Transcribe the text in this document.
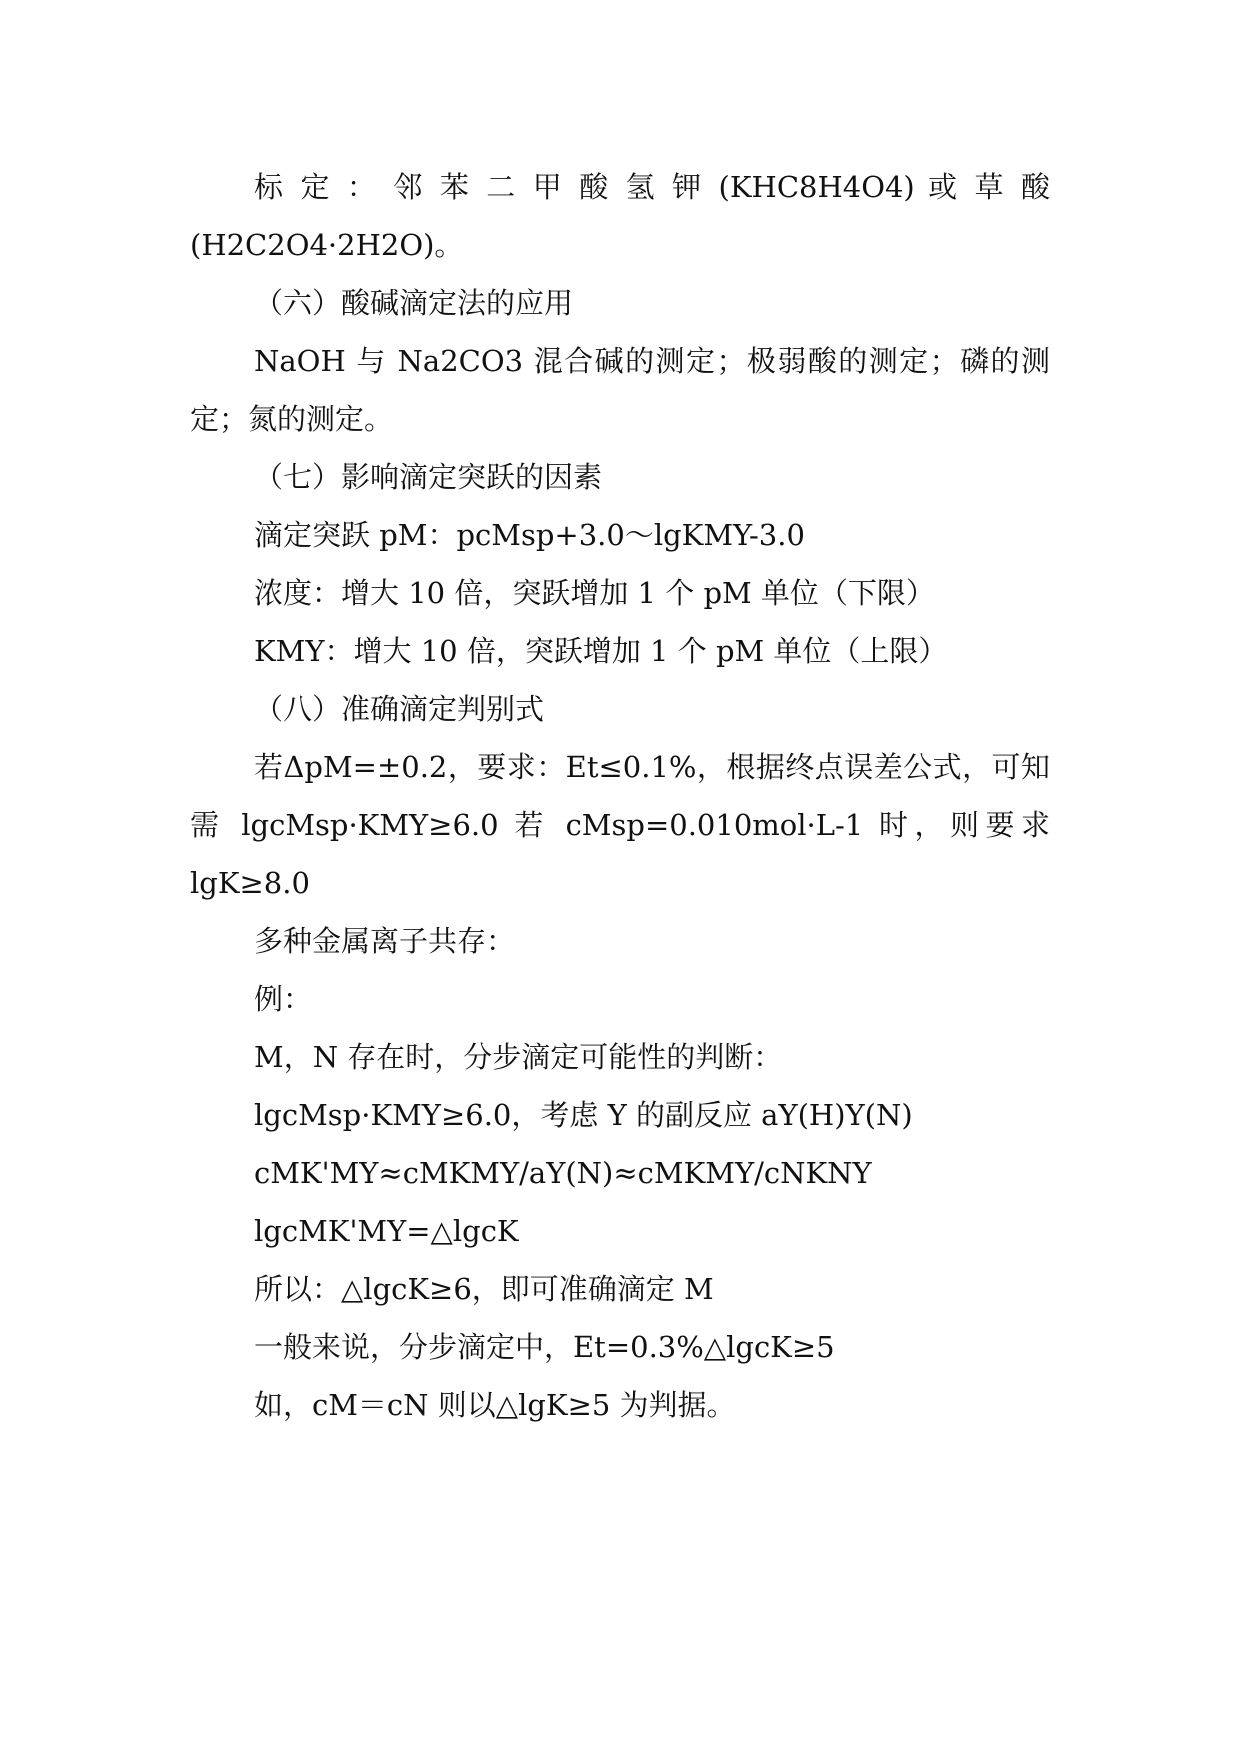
标 定 ： 邻 苯 二 甲 酸 氢 钾 (KHC8H4O4) 或 草 酸 (H2C2O4·2H2O)。

（六）酸碱滴定法的应用

NaOH 与 Na2CO3 混合碱的测定；极弱酸的测定；磷的测定；氮的测定。

（七）影响滴定突跃的因素

滴定突跃 pM：pcMsp+3.0～lgKMY-3.0

浓度：增大 10 倍，突跃增加 1 个 pM 单位（下限）

KMY：增大 10 倍，突跃增加 1 个 pM 单位（上限）

（八）准确滴定判别式

若ΔpM=±0.2，要求：Et≤0.1%，根据终点误差公式，可知需 lgcMsp·KMY≥6.0 若 cMsp=0.010mol·L-1 时，则要求 lgK≥8.0

多种金属离子共存：

例：

M，N 存在时，分步滴定可能性的判断：

lgcMsp·KMY≥6.0，考虑 Y 的副反应 aY(H)Y(N)

cMK'MY≈cMKMY/aY(N)≈cMKMY/cNKNY

lgcMK'MY=△lgcK

所以：△lgcK≥6，即可准确滴定 M

一般来说，分步滴定中，Et=0.3%△lgcK≥5

如，cM＝cN 则以△lgK≥5 为判据。
